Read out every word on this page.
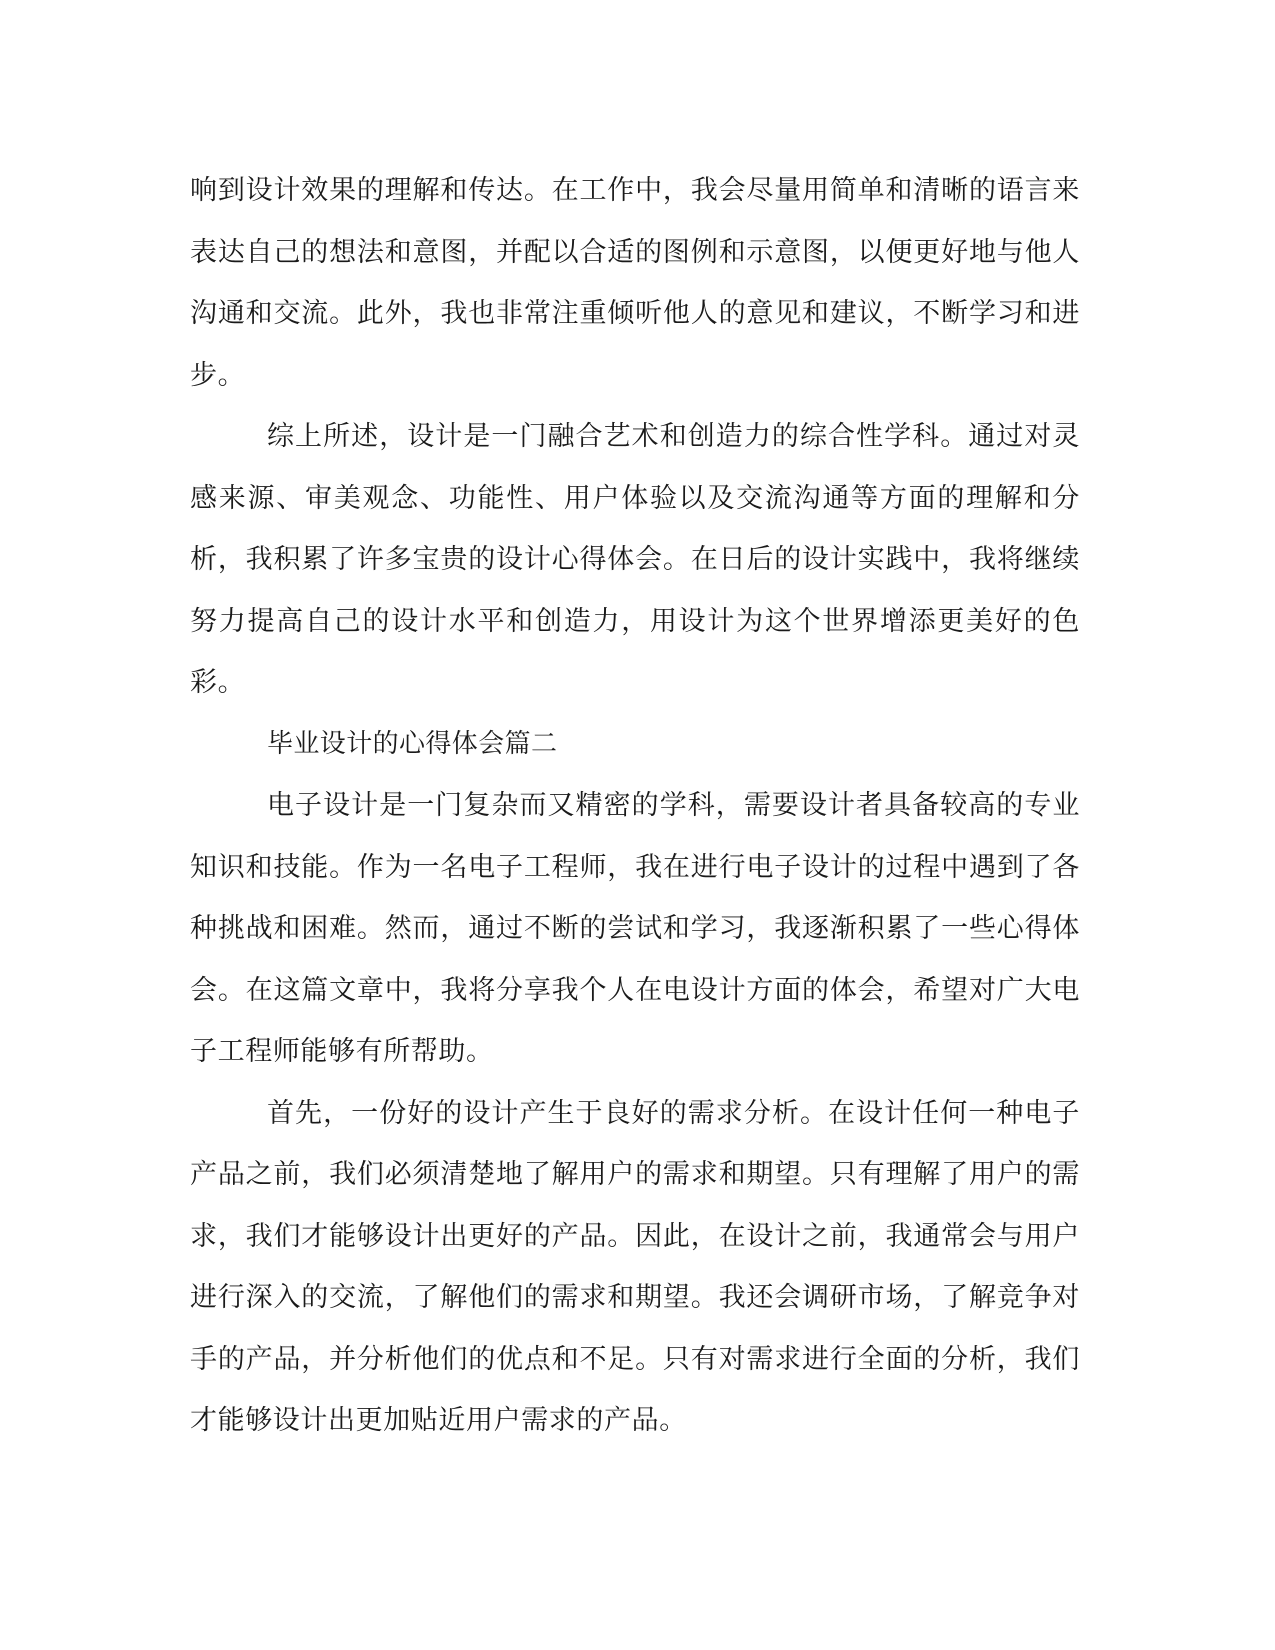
响到设计效果的理解和传达。在工作中，我会尽量用简单和清晰的语言来表达自己的想法和意图，并配以合适的图例和示意图，以便更好地与他人沟通和交流。此外，我也非常注重倾听他人的意见和建议，不断学习和进步。

综上所述，设计是一门融合艺术和创造力的综合性学科。通过对灵感来源、审美观念、功能性、用户体验以及交流沟通等方面的理解和分析，我积累了许多宝贵的设计心得体会。在日后的设计实践中，我将继续努力提高自己的设计水平和创造力，用设计为这个世界增添更美好的色彩。

毕业设计的心得体会篇二

电子设计是一门复杂而又精密的学科，需要设计者具备较高的专业知识和技能。作为一名电子工程师，我在进行电子设计的过程中遇到了各种挑战和困难。然而，通过不断的尝试和学习，我逐渐积累了一些心得体会。在这篇文章中，我将分享我个人在电设计方面的体会，希望对广大电子工程师能够有所帮助。

首先，一份好的设计产生于良好的需求分析。在设计任何一种电子产品之前，我们必须清楚地了解用户的需求和期望。只有理解了用户的需求，我们才能够设计出更好的产品。因此，在设计之前，我通常会与用户进行深入的交流，了解他们的需求和期望。我还会调研市场，了解竞争对手的产品，并分析他们的优点和不足。只有对需求进行全面的分析，我们才能够设计出更加贴近用户需求的产品。
